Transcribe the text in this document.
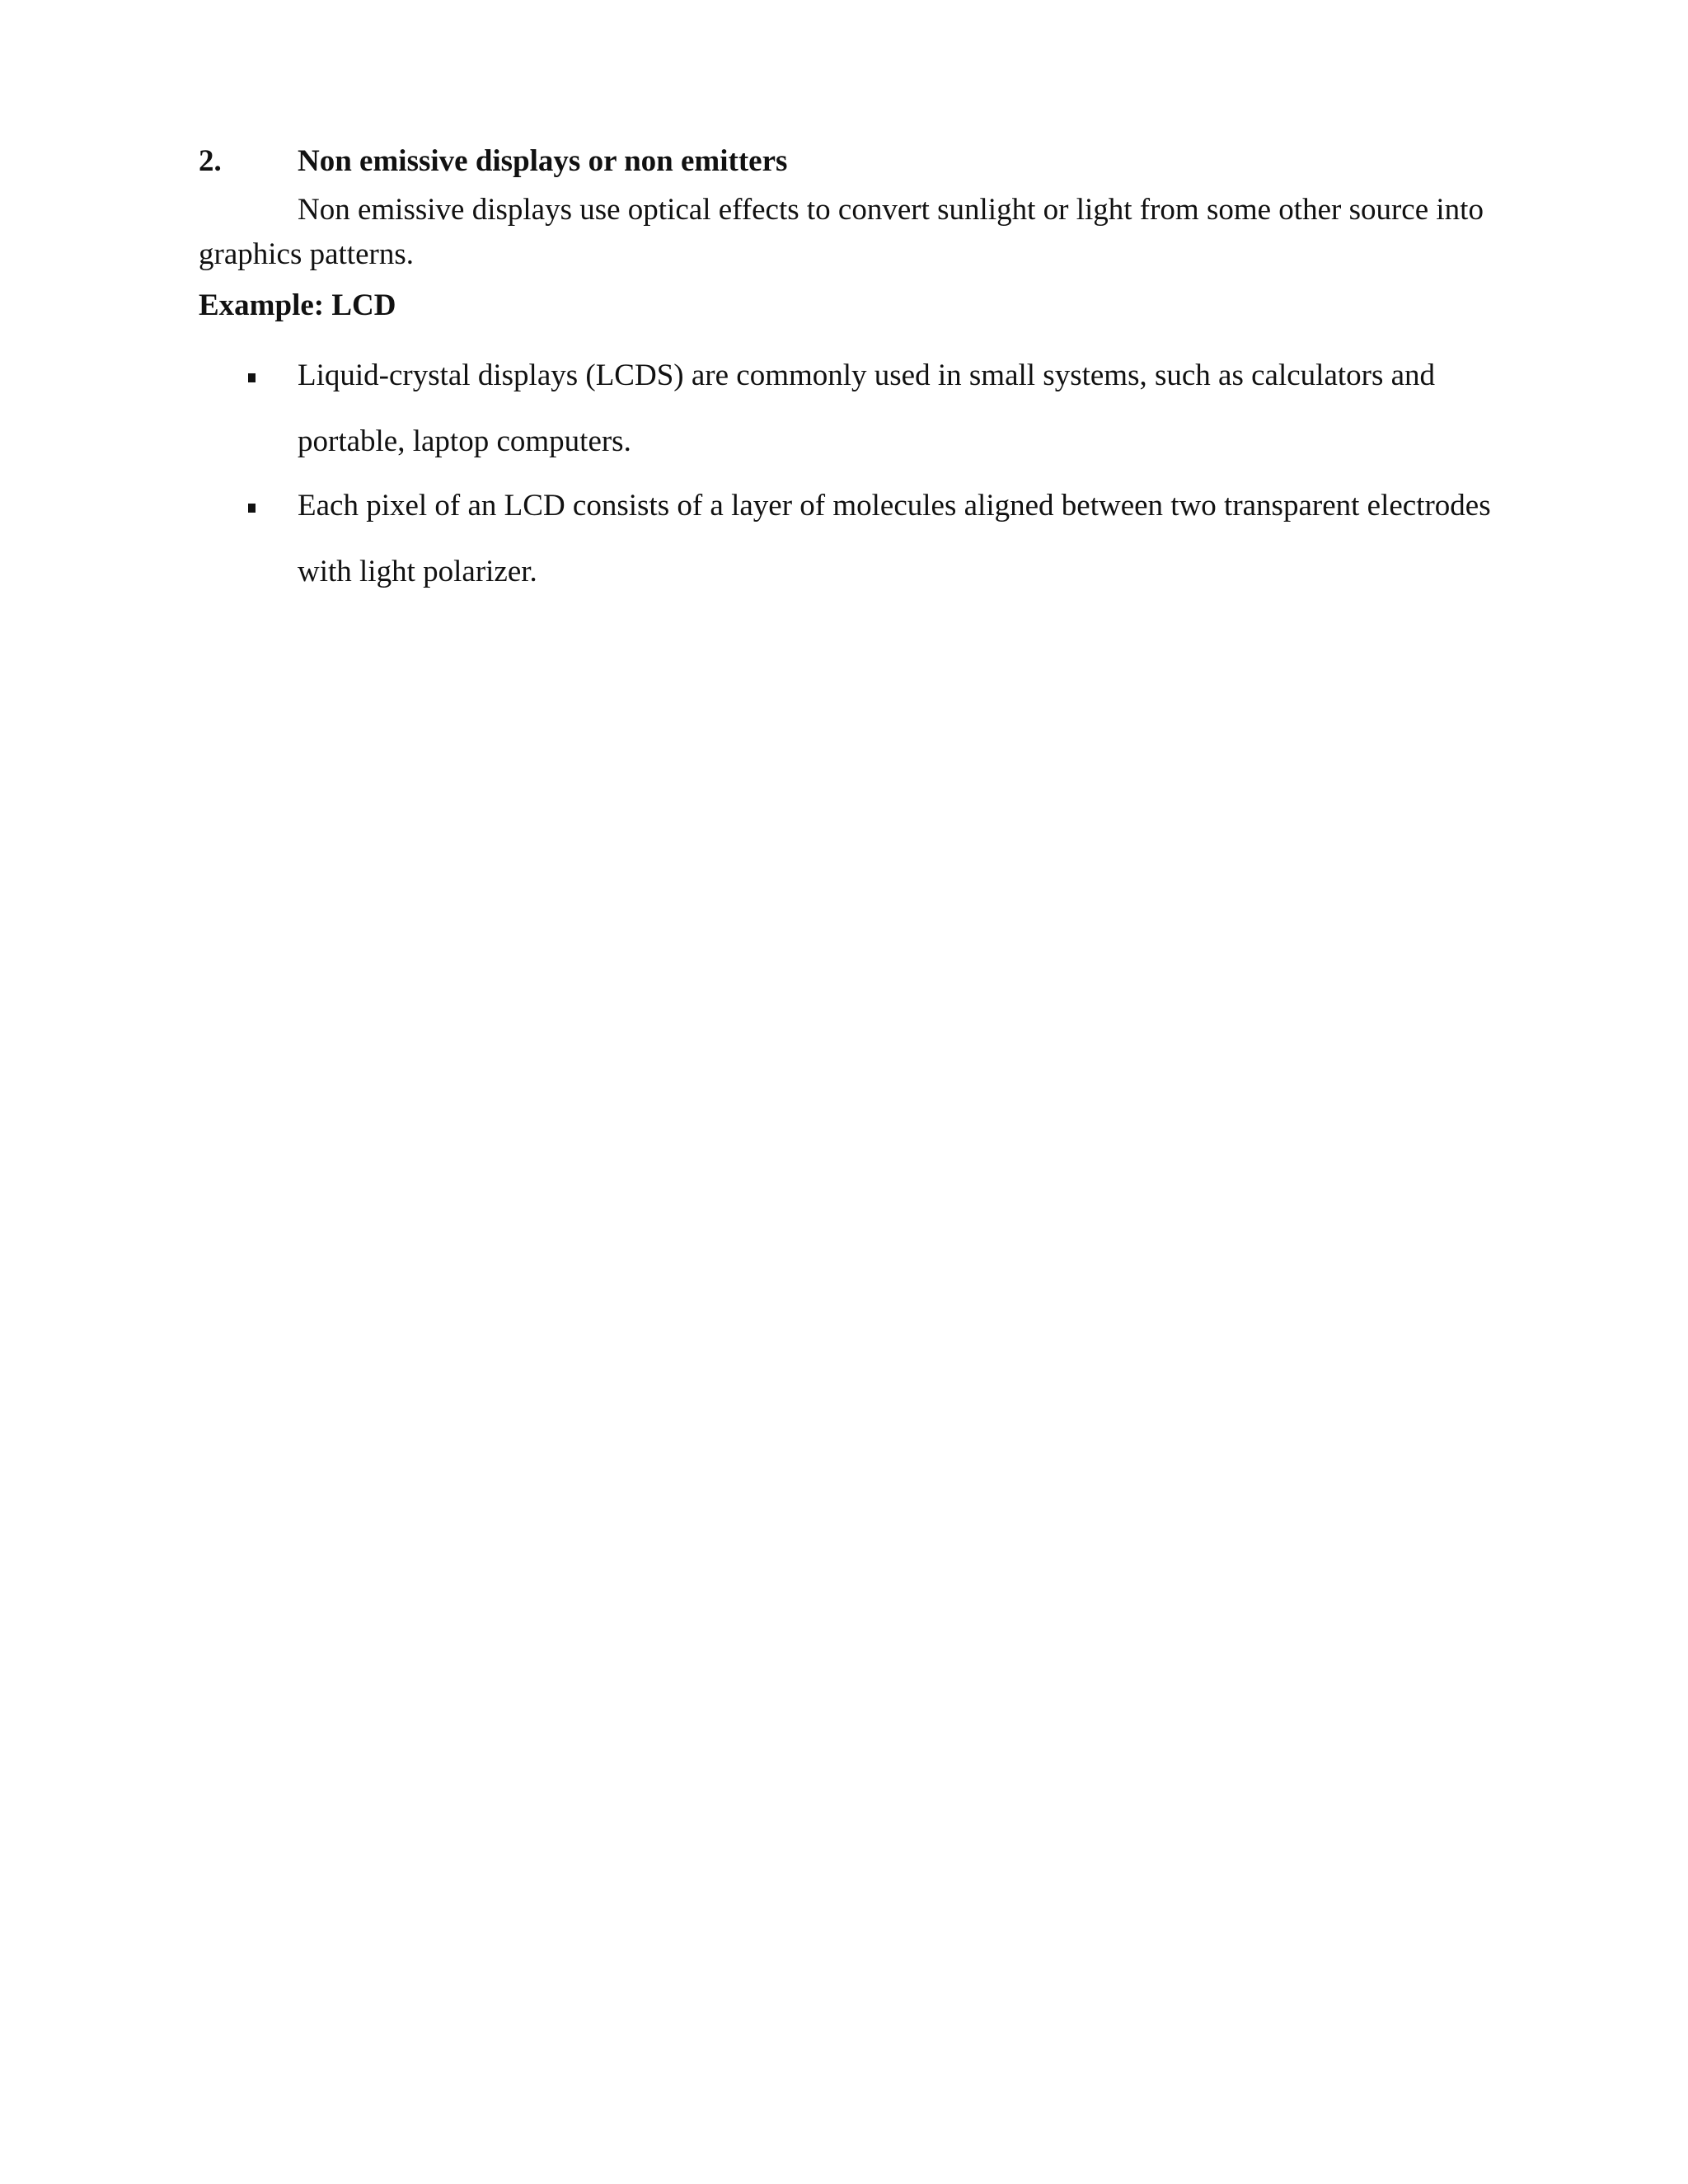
2.	Non emissive displays or non emitters

Non emissive displays use optical effects to convert sunlight or light from some other source into graphics patterns.

Example: LCD
Liquid-crystal displays (LCDS) are commonly used in small systems, such as calculators and portable, laptop computers.
Each pixel of an LCD consists of a layer of molecules aligned between two transparent electrodes with light polarizer.
